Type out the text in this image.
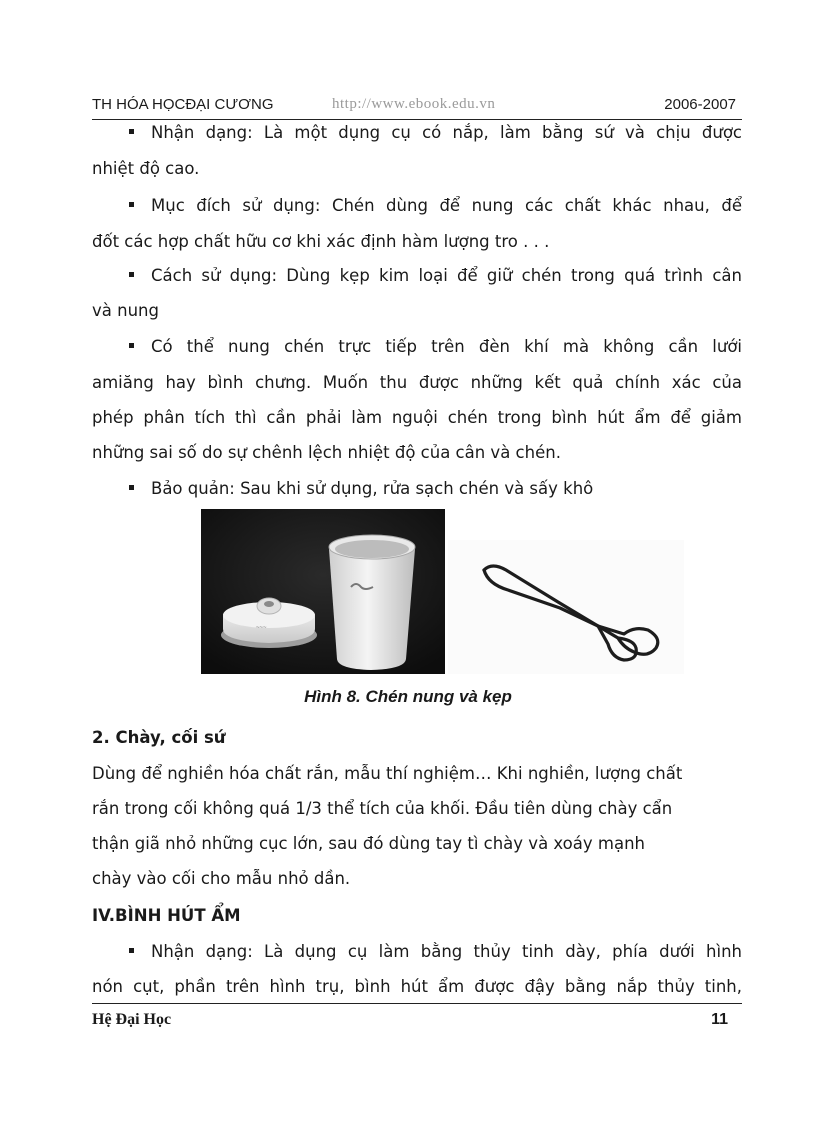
TH HÓA HỌCĐẠI CƯƠNG	http://www.ebook.edu.vn	2006-2007
Nhận dạng: Là một dụng cụ có nắp, làm bằng sứ và chịu được
nhiệt độ cao.
Mục đích sử dụng: Chén dùng để nung các chất khác nhau, để
đốt các hợp chất hữu cơ khi xác định hàm lượng tro . . .
Cách sử dụng: Dùng kẹp kim loại để giữ chén trong quá trình cân
và nung
Có thể nung chén trực tiếp trên đèn khí mà không cần lưới
amiăng hay bình chưng. Muốn thu được những kết quả chính xác của
phép phân tích thì cần phải làm nguội chén trong bình hút ẩm để giảm
những sai số do sự chênh lệch nhiệt độ của cân và chén.
Bảo quản: Sau khi sử dụng, rửa sạch chén và sấy khô
~~~
Hình 8. Chén nung và kẹp
2. Chày, cối sứ
Dùng để nghiền hóa chất rắn, mẫu thí nghiệm… Khi nghiền, lượng chất
rắn trong cối không quá 1/3 thể tích của khối. Đầu tiên dùng chày cẩn
thận giã nhỏ những cục lớn, sau đó dùng tay tì chày và xoáy mạnh
chày vào cối cho mẫu nhỏ dần.
IV.BÌNH HÚT ẨM
Nhận dạng: Là dụng cụ làm bằng thủy tinh dày, phía dưới hình
nón cụt, phần trên hình trụ, bình hút ẩm được đậy bằng nắp thủy tinh,
Hệ Đại Học	11
